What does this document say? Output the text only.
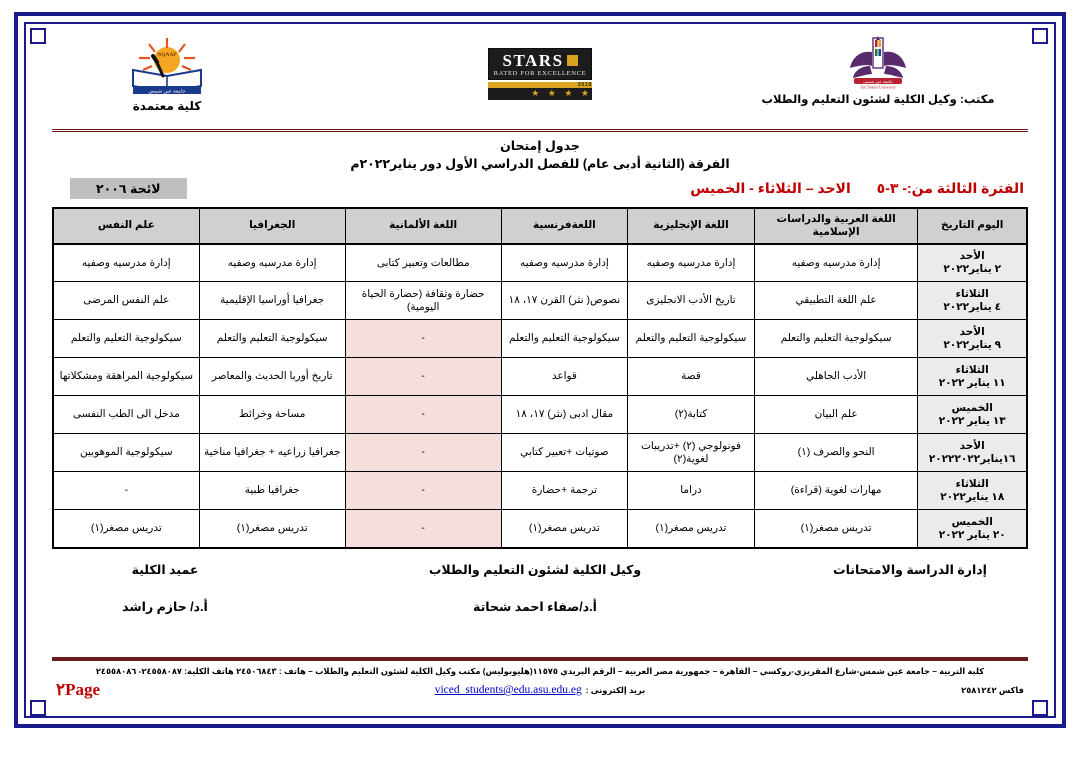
NQAAP
جامعة عين شمس
كلية معتمدة
STARS
RATED FOR EXCELLENCE
2018
★ ★ ★ ★
جامعة عين شمس
Ain Shams University
مكتب: وكيل الكلية لشئون التعليم والطلاب
جدول إمتحان
الفرقة (الثانية أدبى عام) للفصل الدراسي الأول دور يناير٢٠٢٢م
الفترة الثالثة من:- ٣-٥ الاحد – الثلاثاء - الخميس
لائحة ٢٠٠٦
اليوم التاريخ	اللغة العربية والدراسات الإسلامية	اللغة الإنجليزية	اللغةفرنسية	اللغة الألمانية	الجغرافيا	علم النفس

الأحد
٢ يناير٢٠٢٢	إدارة مدرسيه وصفيه	إدارة مدرسيه وصفيه	إدارة مدرسيه وصفيه	مطالعات وتعبير كتابى	إدارة مدرسيه وصفيه	إدارة مدرسيه وصفيه

الثلاثاء
٤ يناير٢٠٢٢	علم اللغة التطبيقي	تاريخ الأدب الانجليزى	نصوص( نثر) القرن ١٧، ١٨	حضارة وثقافة (حضارة الحياة اليومية)	جغرافيا أوراسيا الإقليمية	علم النفس المرضى

الأحد
٩ يناير٢٠٢٢	سيكولوجية التعليم والتعلم	سيكولوجية التعليم والتعلم	سيكولوجية التعليم والتعلم	-	سيكولوجية التعليم والتعلم	سيكولوجية التعليم والتعلم

الثلاثاء
١١ يناير ٢٠٢٢	الأدب الجاهلي	قصة	قواعد	-	تاريخ أوربا الحديث والمعاصر	سيكولوجية المراهقة ومشكلاتها

الخميس
١٣ يناير ٢٠٢٢	علم البيان	كتابة(٢)	مقال ادبى (نثر) ١٧، ١٨	-	مساحة وخرائط	مدخل الى الطب النفسى

الأحد
١٦يناير٢٠٢٢٢٠٢٢	النحو والصرف (١)	فونولوجي (٢) +تدريبات لغوية(٢)	صوتيات +تعبير كتابي	-	جغرافيا زراعيه + جغرافيا مناخية	سيكولوجية الموهوبين

الثلاثاء
١٨ يناير٢٠٢٢	مهارات لغوية (قراءة)	دراما	ترجمة +حضارة	-	جغرافيا طبية	-

الخميس
٢٠ يناير ٢٠٢٢	تدريس مصغر(١)	تدريس مصغر(١)	تدريس مصغر(١)	-	تدريس مصغر(١)	تدريس مصغر(١)
إدارة الدراسة والامتحانات
وكيل الكلية لشئون التعليم والطلاب
أ.د/صفاء احمد شحاتة
عميد الكلية
أ.د/ حازم راشد
كلية التربية – جامعة عين شمس-شارع المقريزي-روكسي – القاهرة – جمهورية مصر العربية – الرقم البريدي ١١٥٧٥(هليوبوليس) مكتب وكيل الكلية لشئون التعليم والطلاب – هاتف : ٢٤٥٠٦٨٤٣ هاتف الكلية: ٢٤٥٥٨٠٨٧- ٢٤٥٥٨٠٨٦
فاكس ٢٥٨١٢٤٢
بريد إلكترونى :
viced_students@edu.asu.edu.eg
٢Page
